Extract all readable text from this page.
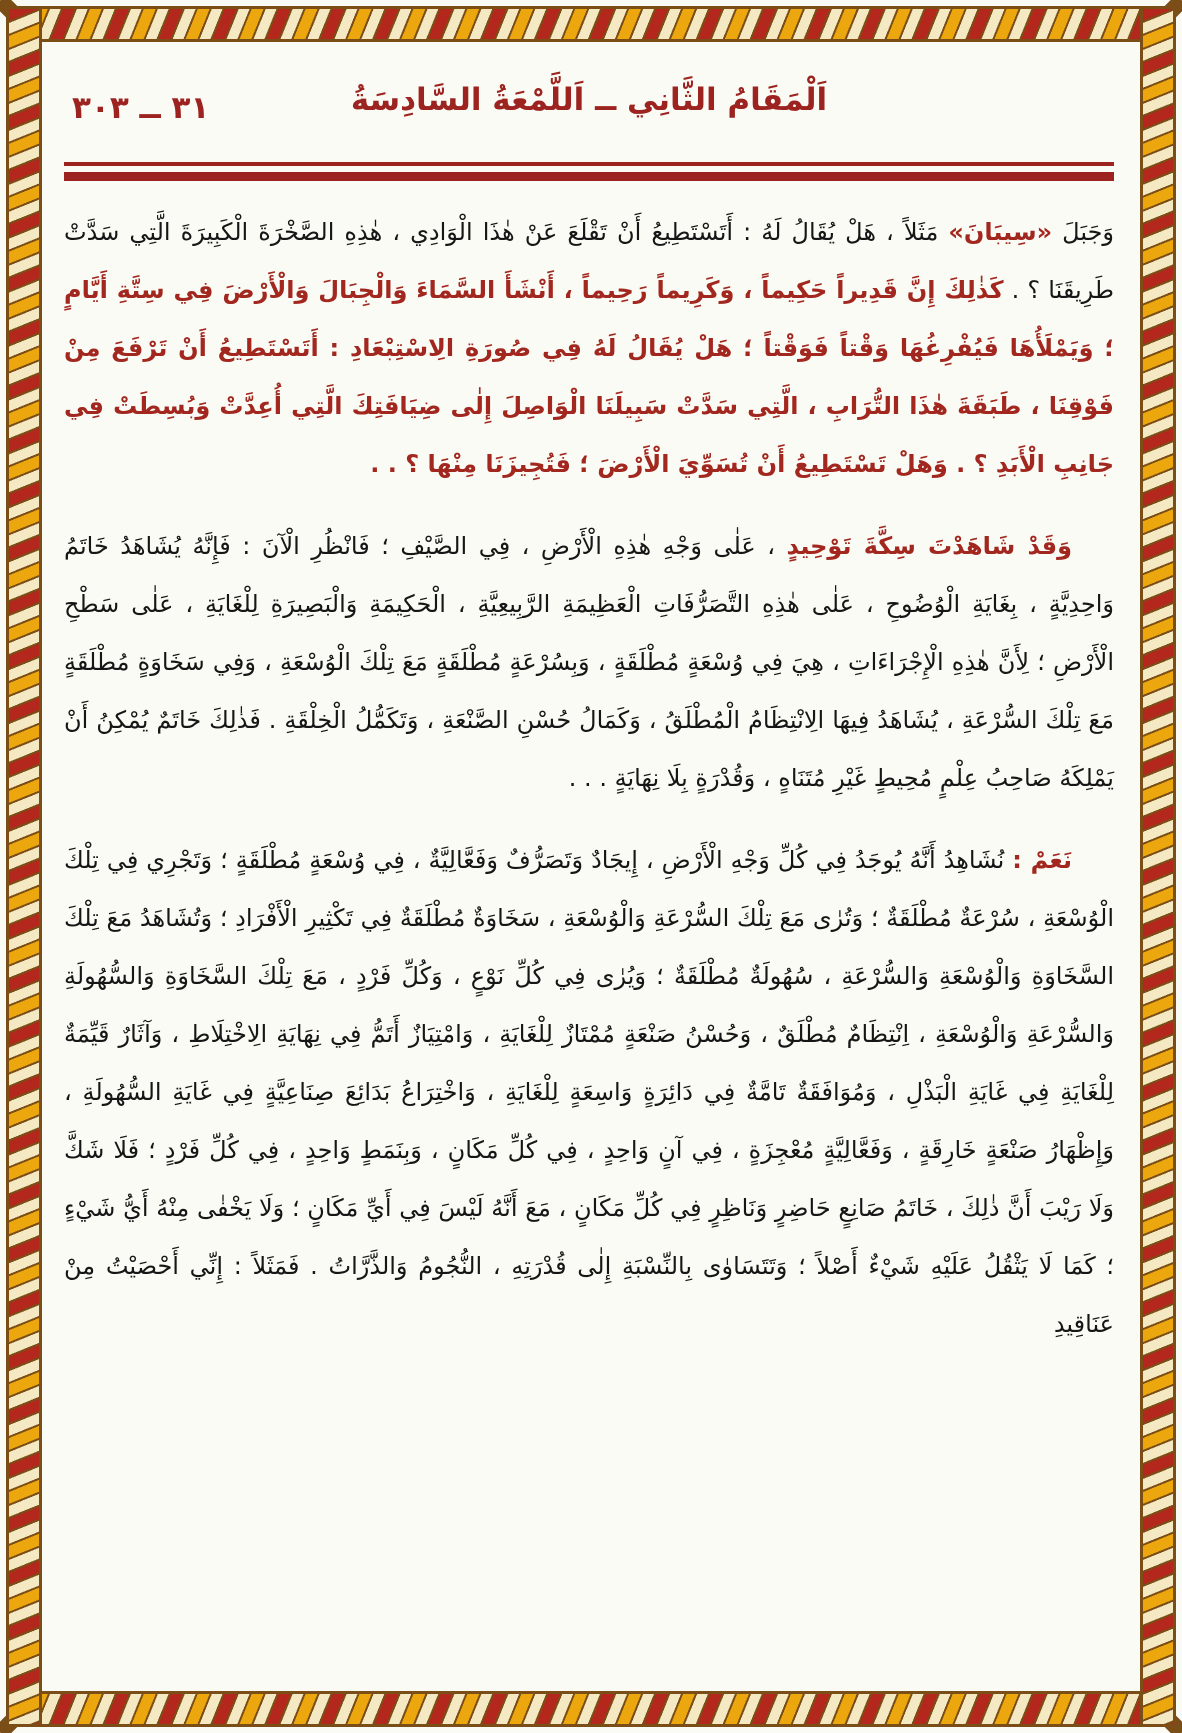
٣١ ــ ٣٠٣	اَلْمَقَامُ الثَّانِي ــ اَللَّمْعَةُ السَّادِسَةُ

وَجَبَلَ «سِيبَانَ» مَثَلاً ، هَلْ يُقَالُ لَهُ : أَتَسْتَطِيعُ أَنْ تَقْلَعَ عَنْ هٰذَا الْوَادِي ، هٰذِهِ الصَّخْرَةَ الْكَبِيرَةَ الَّتِي سَدَّتْ طَرِيقَنَا ؟ . كَذٰلِكَ إِنَّ قَدِيراً حَكِيماً ، وَكَرِيماً رَحِيماً ، أَنْشَأَ السَّمَاءَ وَالْجِبَالَ وَالْأَرْضَ فِي سِتَّةِ أَيَّامٍ ؛ وَيَمْلَأُهَا فَيُفْرِغُهَا وَقْتاً فَوَقْتاً ؛ هَلْ يُقَالُ لَهُ فِي صُورَةِ الِاسْتِبْعَادِ : أَتَسْتَطِيعُ أَنْ تَرْفَعَ مِنْ فَوْقِنَا ، طَبَقَةَ هٰذَا التُّرَابِ ، الَّتِي سَدَّتْ سَبِيلَنَا الْوَاصِلَ إِلٰى ضِيَافَتِكَ الَّتِي أُعِدَّتْ وَبُسِطَتْ فِي جَانِبِ الْأَبَدِ ؟ . وَهَلْ تَسْتَطِيعُ أَنْ تُسَوِّيَ الْأَرْضَ ؛ فَتُجِيزَنَا مِنْهَا ؟ . .

وَقَدْ شَاهَدْتَ سِكَّةَ تَوْحِيدٍ ، عَلٰى وَجْهِ هٰذِهِ الْأَرْضِ ، فِي الصَّيْفِ ؛ فَانْظُرِ الْآنَ : فَإِنَّهُ يُشَاهَدُ خَاتَمُ وَاحِدِيَّةٍ ، بِغَايَةِ الْوُضُوحِ ، عَلٰى هٰذِهِ التَّصَرُّفَاتِ الْعَظِيمَةِ الرَّبِيعِيَّةِ ، الْحَكِيمَةِ وَالْبَصِيرَةِ لِلْغَايَةِ ، عَلٰى سَطْحِ الْأَرْضِ ؛ لِأَنَّ هٰذِهِ الْإِجْرَاءَاتِ ، هِيَ فِي وُسْعَةٍ مُطْلَقَةٍ ، وَبِسُرْعَةٍ مُطْلَقَةٍ مَعَ تِلْكَ الْوُسْعَةِ ، وَفِي سَخَاوَةٍ مُطْلَقَةٍ مَعَ تِلْكَ السُّرْعَةِ ، يُشَاهَدُ فِيهَا الِانْتِظَامُ الْمُطْلَقُ ، وَكَمَالُ حُسْنِ الصَّنْعَةِ ، وَتَكَمُّلُ الْخِلْقَةِ . فَذٰلِكَ خَاتَمٌ يُمْكِنُ أَنْ يَمْلِكَهُ صَاحِبُ عِلْمٍ مُحِيطٍ غَيْرِ مُتَنَاهٍ ، وَقُدْرَةٍ بِلَا نِهَايَةٍ . . .

نَعَمْ : نُشَاهِدُ أَنَّهُ يُوجَدُ فِي كُلِّ وَجْهِ الْأَرْضِ ، إِيجَادٌ وَتَصَرُّفٌ وَفَعَّالِيَّةٌ ، فِي وُسْعَةٍ مُطْلَقَةٍ ؛ وَتَجْرِي فِي تِلْكَ الْوُسْعَةِ ، سُرْعَةٌ مُطْلَقَةٌ ؛ وَتُرٰى مَعَ تِلْكَ السُّرْعَةِ وَالْوُسْعَةِ ، سَخَاوَةٌ مُطْلَقَةٌ فِي تَكْثِيرِ الْأَفْرَادِ ؛ وَتُشَاهَدُ مَعَ تِلْكَ السَّخَاوَةِ وَالْوُسْعَةِ وَالسُّرْعَةِ ، سُهُولَةٌ مُطْلَقَةٌ ؛ وَيُرٰى فِي كُلِّ نَوْعٍ ، وَكُلِّ فَرْدٍ ، مَعَ تِلْكَ السَّخَاوَةِ وَالسُّهُولَةِ وَالسُّرْعَةِ وَالْوُسْعَةِ ، اِنْتِظَامٌ مُطْلَقٌ ، وَحُسْنُ صَنْعَةٍ مُمْتَازٌ لِلْغَايَةِ ، وَامْتِيَازٌ أَتَمُّ فِي نِهَايَةِ الِاخْتِلَاطِ ، وَآثَارٌ قَيِّمَةٌ لِلْغَايَةِ فِي غَايَةِ الْبَذْلِ ، وَمُوَافَقَةٌ تَامَّةٌ فِي دَائِرَةٍ وَاسِعَةٍ لِلْغَايَةِ ، وَاخْتِرَاعُ بَدَائِعَ صِنَاعِيَّةٍ فِي غَايَةِ السُّهُولَةِ ، وَإِظْهَارُ صَنْعَةٍ خَارِقَةٍ ، وَفَعَّالِيَّةٍ مُعْجِزَةٍ ، فِي آنٍ وَاحِدٍ ، فِي كُلِّ مَكَانٍ ، وَبِنَمَطٍ وَاحِدٍ ، فِي كُلِّ فَرْدٍ ؛ فَلَا شَكَّ وَلَا رَيْبَ أَنَّ ذٰلِكَ ، خَاتَمُ صَانِعٍ حَاضِرٍ وَنَاظِرٍ فِي كُلِّ مَكَانٍ ، مَعَ أَنَّهُ لَيْسَ فِي أَيِّ مَكَانٍ ؛ وَلَا يَخْفٰى مِنْهُ أَيُّ شَيْءٍ ؛ كَمَا لَا يَثْقُلُ عَلَيْهِ شَيْءٌ أَصْلاً ؛ وَتَتَسَاوٰى بِالنِّسْبَةِ إِلٰى قُدْرَتِهِ ، النُّجُومُ وَالذَّرَّاتُ . فَمَثَلاً : إِنِّي أَحْصَيْتُ مِنْ عَنَاقِيدِ
